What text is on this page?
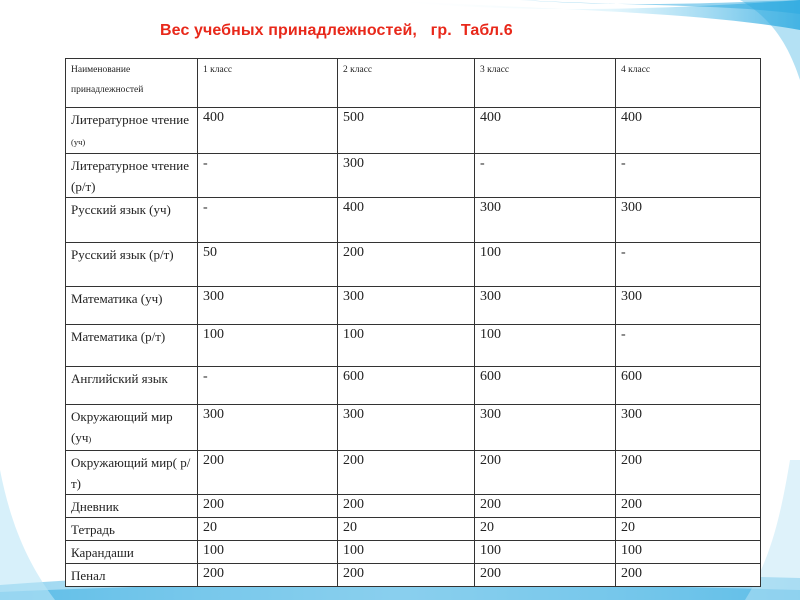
Вес учебных принадлежностей,   гр.  Табл.6
Наименование принадлежностей	1 класс	2 класс	3 класс	4 класс
Литературное чтение (уч)	400	500	400	400
Литературное чтение (р/т)	-	300	-	-
Русский язык (уч)	-	400	300	300
Русский язык (р/т)	50	200	100	-
Математика (уч)	300	300	300	300
Математика (р/т)	100	100	100	-
Английский язык	-	600	600	600
Окружающий мир (уч)	300	300	300	300
Окружающий мир( р/т)	200	200	200	200
Дневник	200	200	200	200
Тетрадь	20	20	20	20
Карандаши	100	100	100	100
Пенал	200	200	200	200
